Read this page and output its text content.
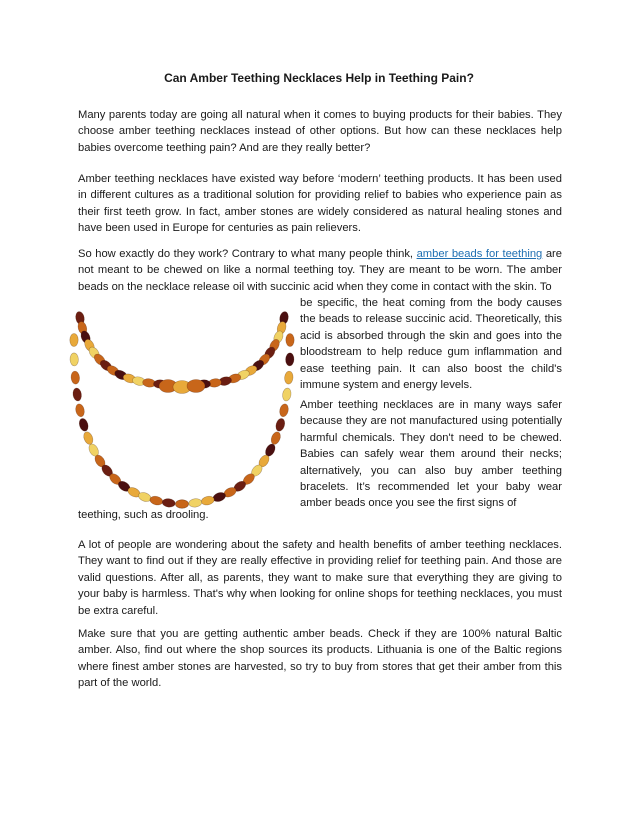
Can Amber Teething Necklaces Help in Teething Pain?

Many parents today are going all natural when it comes to buying products for their babies. They choose amber teething necklaces instead of other options. But how can these necklaces help babies overcome teething pain? And are they really better?

Amber teething necklaces have existed way before ‘modern’ teething products. It has been used in different cultures as a traditional solution for providing relief to babies who experience pain as their first teeth grow. In fact, amber stones are widely considered as natural healing stones and have been used in Europe for centuries as pain relievers.

So how exactly do they work? Contrary to what many people think, amber beads for teething are not meant to be chewed on like a normal teething toy. They are meant to be worn. The amber beads on the necklace release oil with succinic acid when they come in contact with the skin. To

be specific, the heat coming from the body causes the beads to release succinic acid. Theoretically, this acid is absorbed through the skin and goes into the bloodstream to help reduce gum inflammation and ease teething pain. It can also boost the child's immune system and energy levels.

Amber teething necklaces are in many ways safer because they are not manufactured using potentially harmful chemicals. They don't need to be chewed. Babies can safely wear them around their necks; alternatively, you can also buy amber teething bracelets. It’s recommended let your baby wear amber beads once you see the first signs of

teething, such as drooling.

A lot of people are wondering about the safety and health benefits of amber teething necklaces. They want to find out if they are really effective in providing relief for teething pain. And those are valid questions. After all, as parents, they want to make sure that everything they are giving to your baby is harmless. That's why when looking for online shops for teething necklaces, you must be extra careful.

Make sure that you are getting authentic amber beads. Check if they are 100% natural Baltic amber. Also, find out where the shop sources its products. Lithuania is one of the Baltic regions where finest amber stones are harvested, so try to buy from stores that get their amber from this part of the world.
